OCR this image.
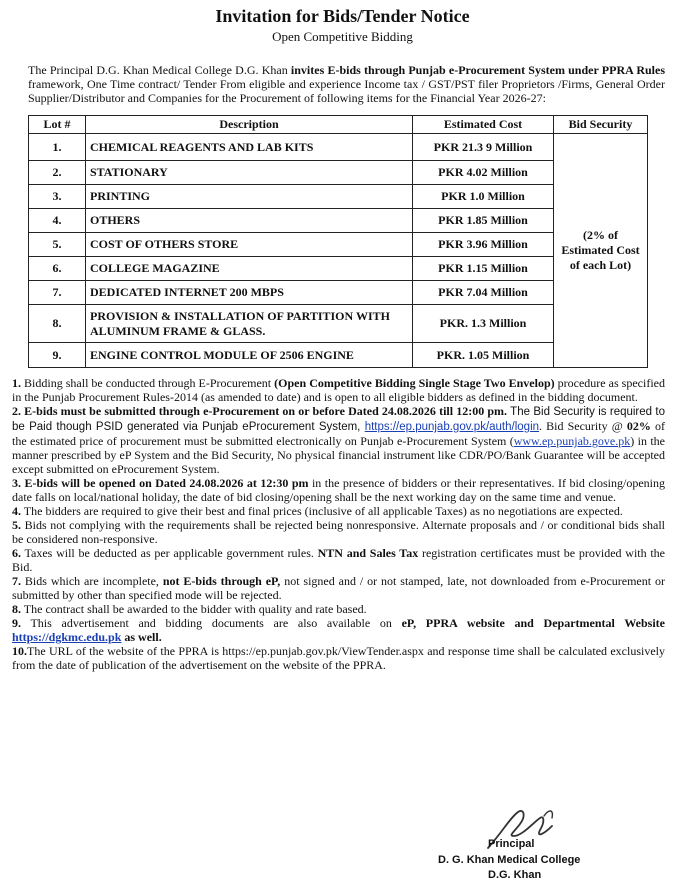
Invitation for Bids/Tender Notice
Open Competitive Bidding

The Principal D.G. Khan Medical College D.G. Khan invites E-bids through Punjab e-Procurement System under PPRA Rules framework, One Time contract/ Tender From eligible and experience Income tax / GST/PST filer Proprietors /Firms, General Order Supplier/Distributor and Companies for the Procurement of following items for the Financial Year 2026-27:

Lot #	Description	Estimated Cost	Bid Security
1.	CHEMICAL REAGENTS AND LAB KITS	PKR 21.3 9 Million	(2% of Estimated Cost of each Lot)
2.	STATIONARY	PKR 4.02 Million	
3.	PRINTING	PKR 1.0 Million	
4.	OTHERS	PKR 1.85 Million	
5.	COST OF OTHERS STORE	PKR 3.96 Million	
6.	COLLEGE MAGAZINE	PKR 1.15 Million	
7.	DEDICATED INTERNET 200 MBPS	PKR 7.04 Million	
8.	PROVISION & INSTALLATION OF PARTITION WITH ALUMINUM FRAME & GLASS.	PKR. 1.3 Million	
9.	ENGINE CONTROL MODULE OF 2506 ENGINE	PKR. 1.05 Million	

1. Bidding shall be conducted through E-Procurement (Open Competitive Bidding Single Stage Two Envelop) procedure as specified in the Punjab Procurement Rules-2014 (as amended to date) and is open to all eligible bidders as defined in the bidding document.

2. E-bids must be submitted through e-Procurement on or before Dated 24.08.2026 till 12:00 pm. The Bid Security is required to be Paid though PSID generated via Punjab eProcurement System, https://ep.punjab.gov.pk/auth/login. Bid Security @ 02% of the estimated price of procurement must be submitted electronically on Punjab e-Procurement System (www.ep.punjab.gove.pk) in the manner prescribed by eP System and the Bid Security, No physical financial instrument like CDR/PO/Bank Guarantee will be accepted except submitted on eProcurement System.

3. E-bids will be opened on Dated 24.08.2026 at 12:30 pm in the presence of bidders or their representatives. If bid closing/opening date falls on local/national holiday, the date of bid closing/opening shall be the next working day on the same time and venue.

4. The bidders are required to give their best and final prices (inclusive of all applicable Taxes) as no negotiations are expected.

5. Bids not complying with the requirements shall be rejected being nonresponsive. Alternate proposals and / or conditional bids shall be considered non-responsive.

6. Taxes will be deducted as per applicable government rules. NTN and Sales Tax registration certificates must be provided with the Bid.

7. Bids which are incomplete, not E-bids through eP, not signed and / or not stamped, late, not downloaded from e-Procurement or submitted by other than specified mode will be rejected.

8. The contract shall be awarded to the bidder with quality and rate based.

9. This advertisement and bidding documents are also available on eP, PPRA website and Departmental Website https://dgkmc.edu.pk as well.

10.The URL of the website of the PPRA is https://ep.punjab.gov.pk/ViewTender.aspx and response time shall be calculated exclusively from the date of publication of the advertisement on the website of the PPRA.

Principal
D. G. Khan Medical College
D.G. Khan
